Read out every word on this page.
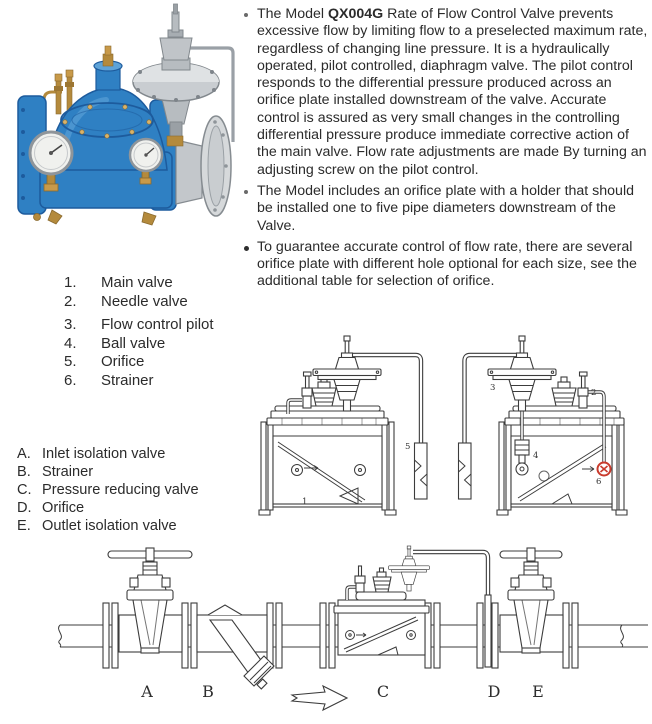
The Model QX004G Rate of Flow Control Valve prevents excessive flow by limiting flow to a preselected maximum rate, regardless of changing line pressure. It is a hydraulically operated, pilot controlled, diaphragm valve. The pilot control responds to the differential pressure produced across an orifice plate installed downstream of the valve. Accurate control is assured as very small changes in the controlling differential pressure produce immediate corrective action of the main valve. Flow rate adjustments are made By turning an adjusting screw on the pilot control.

The Model includes an orifice plate with a holder that should be installed one to five pipe diameters downstream of the Valve.

To guarantee accurate control of flow rate, there are several orifice plate with different hole optional for each size, see the additional table for selection of orifice.

1.	Main valve
2.	Needle valve
3.	Flow control pilot
4.	Ball valve
5.	Orifice
6.	Strainer
A. Inlet isolation valve
B. Strainer
C. Pressure reducing valve
D. Orifice
E. Outlet isolation valve
5
1
3	2
4
6
A	B	C	D E
